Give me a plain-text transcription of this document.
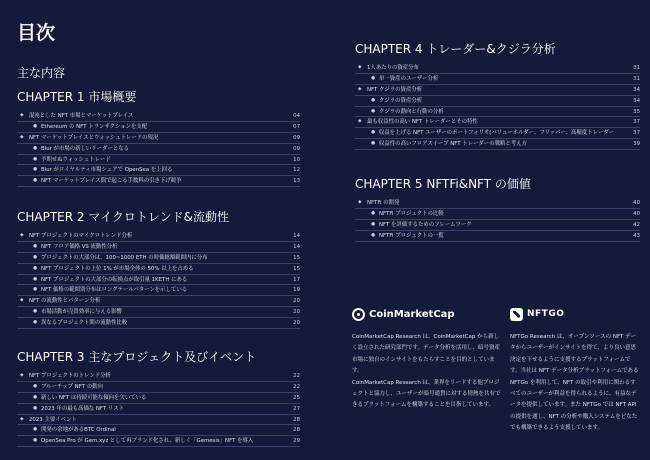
目次
主な内容
CHAPTER 1 市場概要
◆ 混沌とした NFT 市場とマーケットプレイス	04
● Ethereum の NFT トランザクションを支配	07
◆ NFT マーケットプレイスとウォッシュトレードの現況	09
● Blur が市場の新しいリーダーとなる	09
● 予期せぬウォッシュトレード	10
● Blur がロイヤルティ市場シェアで OpenSea を上回る	12
● NFT マーケットプレイス間で起こる手数料の引き下げ競争	13
CHAPTER 2 マイクロトレンド&流動性
◆ NFT プロジェクトのマイクロトレンド分析	14
● NFT フロア価格 VS 流動性分析	14
● プロジェクトの大部分は、100~1000 ETH の時価総額範囲内に分布	15
● NFT プロジェクトの上位 1% が市場全体の 50% 以上を占める	15
● NFT プロジェクトの大部分の転換点が取引量 1KETH にある	17
● NFT 価格の範囲別分布はロングテールパターンを示している	19
◆ NFT の流動性とパターン分析	20
● 市場活動が売買効率に与える影響	20
● 異なるプロジェクト間の流動性比較	20
CHAPTER 3 主なプロジェクト及びイベント
◆ NFT プロジェクトのトレンド分析	22
● ブルーチップ NFT の動向	22
● 新しい NFT は持続可能な傾向を欠いている	25
● 2023 年の最も高価な NFT リスト	27
◆ 2023 主要イベント	28
● 開発の余地があるBTC Ordinal	28
● OpenSea Pro が Gem.xyz として再ブランド化され、新しく「Gemesis」NFT を導入	29
CHAPTER 4 トレーダー&クジラ分析
◆ 1人あたりの資産分布	31
● 単一資産のユーザー分析	31
◆ NFT クジラの資産分析	34
● クジラの資産分析	34
● クジラの動向と行動の分析	35
◆ 最も収益性の高い NFT トレーダーとその特性	37
● 収益を上げる NFT ユーザーのポートフォリオ(バリューホルダー、フリッパー、高頻度トレーダー	37
● 収益性の高いフロアスイープ NFT トレーダーの戦略と考え方	39
CHAPTER 5 NFTFi&NFT の価値
◆ NFTFi の開発	40
● NFTFi プロジェクトの比較	40
● NFT を評価するためのフレームワーク	42
● NFTFi プロジェクトの一覧	43
CoinMarketCap

CoinMarketCap Research は、CoinMarketCap から新しく設立された研究部門です。データ分析を活用し、暗号資産市場に独自のインサイトをもたらすことを目的としています。

CoinMarketCap Research は、業界をリードする他プロジェクトと協力し、ユーザーが暗号通貨に対する情熱を共有できるプラットフォームを構築することを目指しています。

NFTGO

NFTGo Research は、オープンソースの NFT データからユーザーがインサイトを得て、より良い意思決定を下せるように支援するプラットフォームです。当社は NFT データ分析プラットフォームである NFTGo を利用して、NFT の取引や利用に関わるすべてのユーザーが利益を得られるように、有益なデータを提供しています。また NFTGo では NFT API の提供を通し、NFT の分析や購入システムをどなたでも構築できるよう支援しています。
